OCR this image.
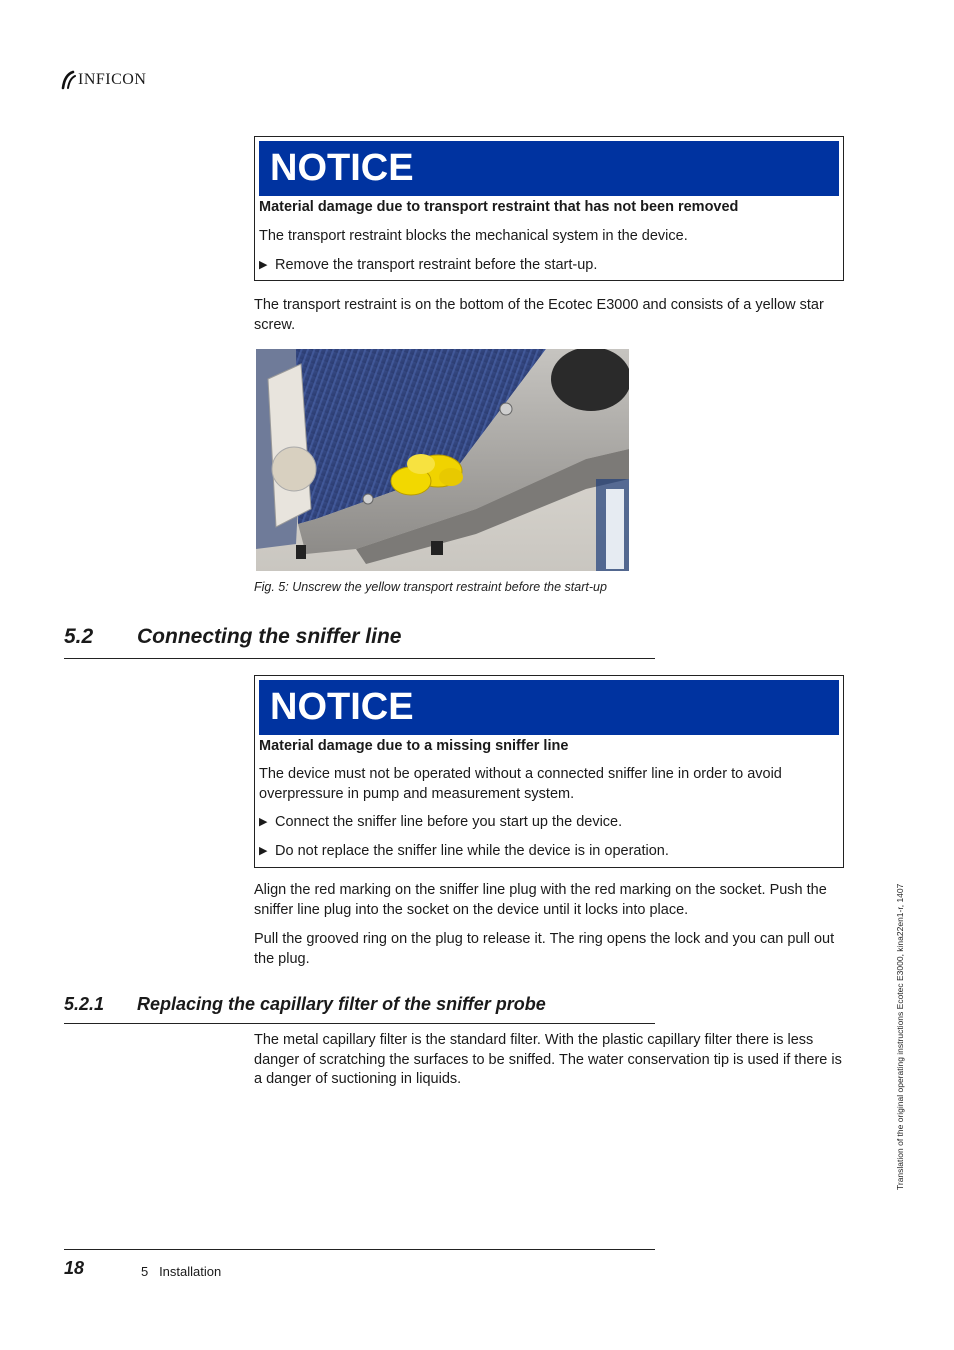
INFICON
NOTICE

Material damage due to transport restraint that has not been removed

The transport restraint blocks the mechanical system in the device.

▶ Remove the transport restraint before the start-up.

The transport restraint is on the bottom of the Ecotec E3000 and consists of a yellow star screw.

Fig. 5: Unscrew the yellow transport restraint before the start-up
5.2 Connecting the sniffer line
NOTICE

Material damage due to a missing sniffer line

The device must not be operated without a connected sniffer line in order to avoid overpressure in pump and measurement system.

▶ Connect the sniffer line before you start up the device.
▶ Do not replace the sniffer line while the device is in operation.

Align the red marking on the sniffer line plug with the red marking on the socket. Push the sniffer line plug into the socket on the device until it locks into place.

Pull the grooved ring on the plug to release it. The ring opens the lock and you can pull out the plug.

5.2.1 Replacing the capillary filter of the sniffer probe

The metal capillary filter is the standard filter. With the plastic capillary filter there is less danger of scratching the surfaces to be sniffed. The water conservation tip is used if there is a danger of suctioning in liquids.	Translation of the original operating instructions Ecotec E3000, kina22en1-r, 1407
18	5   Installation
